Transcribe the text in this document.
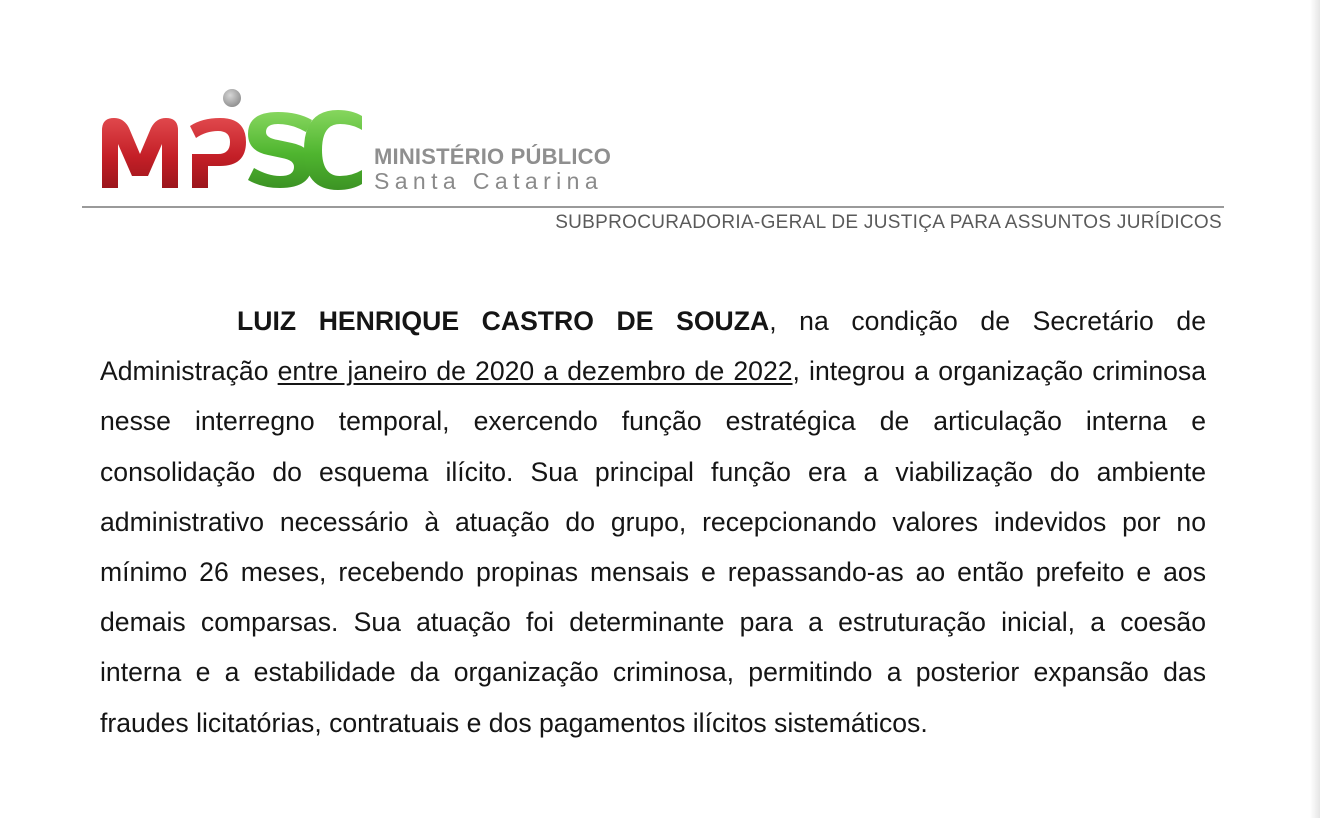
MINISTÉRIO PÚBLICO
Santa Catarina
SUBPROCURADORIA-GERAL DE JUSTIÇA PARA ASSUNTOS JURÍDICOS

LUIZ HENRIQUE CASTRO DE SOUZA, na condição de Secretário de Administração entre janeiro de 2020 a dezembro de 2022, integrou a organização criminosa nesse interregno temporal, exercendo função estratégica de articulação interna e consolidação do esquema ilícito. Sua principal função era a viabilização do ambiente administrativo necessário à atuação do grupo, recepcionando valores indevidos por no mínimo 26 meses, recebendo propinas mensais e repassando-as ao então prefeito e aos demais comparsas. Sua atuação foi determinante para a estruturação inicial, a coesão interna e a estabilidade da organização criminosa, permitindo a posterior expansão das fraudes licitatórias, contratuais e dos pagamentos ilícitos sistemáticos.
